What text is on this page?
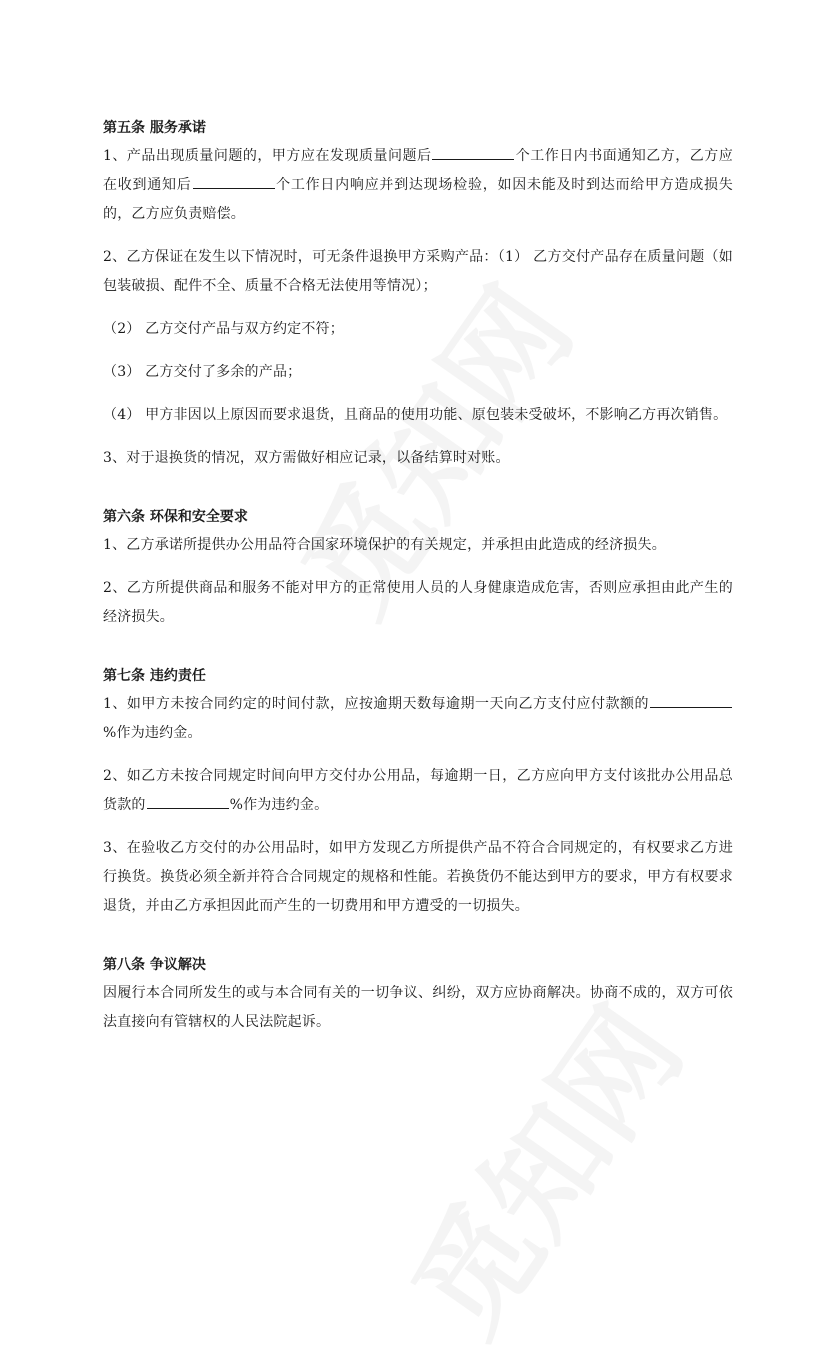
第五条 服务承诺

1、产品出现质量问题的，甲方应在发现质量问题后	个工作日内书面通知乙方，乙方应在收到通知后	个工作日内响应并到达现场检验，如因未能及时到达而给甲方造成损失的，乙方应负责赔偿。

2、乙方保证在发生以下情况时，可无条件退换甲方采购产品：（1） 乙方交付产品存在质量问题（如包装破损、配件不全、质量不合格无法使用等情况）；

（2） 乙方交付产品与双方约定不符；

（3） 乙方交付了多余的产品；

（4） 甲方非因以上原因而要求退货，且商品的使用功能、原包装未受破坏，不影响乙方再次销售。

3、对于退换货的情况，双方需做好相应记录，以备结算时对账。

第六条 环保和安全要求

1、乙方承诺所提供办公用品符合国家环境保护的有关规定，并承担由此造成的经济损失。

2、乙方所提供商品和服务不能对甲方的正常使用人员的人身健康造成危害，否则应承担由此产生的经济损失。

第七条 违约责任

1、如甲方未按合同约定的时间付款，应按逾期天数每逾期一天向乙方支付应付款额的%作为违约金。

2、如乙方未按合同规定时间向甲方交付办公用品，每逾期一日，乙方应向甲方支付该批办公用品总货款的	%作为违约金。

3、在验收乙方交付的办公用品时，如甲方发现乙方所提供产品不符合合同规定的，有权要求乙方进行换货。换货必须全新并符合合同规定的规格和性能。若换货仍不能达到甲方的要求，甲方有权要求退货，并由乙方承担因此而产生的一切费用和甲方遭受的一切损失。

第八条 争议解决

因履行本合同所发生的或与本合同有关的一切争议、纠纷，双方应协商解决。协商不成的，双方可依法直接向有管辖权的人民法院起诉。
